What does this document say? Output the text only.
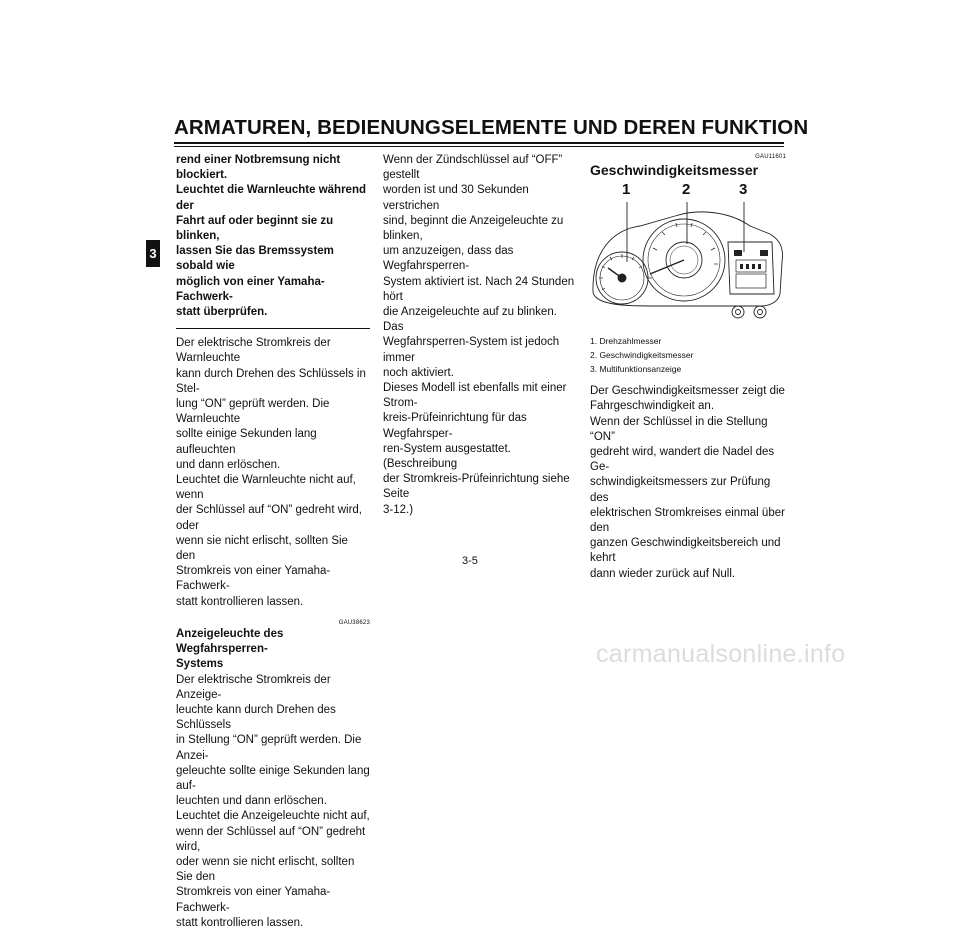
ARMATUREN, BEDIENUNGSELEMENTE UND DEREN FUNKTION
3

rend einer Notbremsung nicht blockiert.

Leuchtet die Warnleuchte während der

Fahrt auf oder beginnt sie zu blinken,

lassen Sie das Bremssystem sobald wie

möglich von einer Yamaha-Fachwerk-

statt überprüfen.

Der elektrische Stromkreis der Warnleuchte

kann durch Drehen des Schlüssels in Stel-

lung “ON” geprüft werden. Die Warnleuchte

sollte einige Sekunden lang aufleuchten

und dann erlöschen.

Leuchtet die Warnleuchte nicht auf, wenn

der Schlüssel auf “ON” gedreht wird, oder

wenn sie nicht erlischt, sollten Sie den

Stromkreis von einer Yamaha-Fachwerk-

statt kontrollieren lassen.

GAU38623

Anzeigeleuchte des Wegfahrsperren-

Systems

Der elektrische Stromkreis der Anzeige-

leuchte kann durch Drehen des Schlüssels

in Stellung “ON” geprüft werden. Die Anzei-

geleuchte sollte einige Sekunden lang auf-

leuchten und dann erlöschen.

Leuchtet die Anzeigeleuchte nicht auf,

wenn der Schlüssel auf “ON” gedreht wird,

oder wenn sie nicht erlischt, sollten Sie den

Stromkreis von einer Yamaha-Fachwerk-

statt kontrollieren lassen.

Wenn der Zündschlüssel auf “OFF” gestellt

worden ist und 30 Sekunden verstrichen

sind, beginnt die Anzeigeleuchte zu blinken,

um anzuzeigen, dass das Wegfahrsperren-

System aktiviert ist. Nach 24 Stunden hört

die Anzeigeleuchte auf zu blinken. Das

Wegfahrsperren-System ist jedoch immer

noch aktiviert.

Dieses Modell ist ebenfalls mit einer Strom-

kreis-Prüfeinrichtung für das Wegfahrsper-

ren-System ausgestattet. (Beschreibung

der Stromkreis-Prüfeinrichtung siehe Seite

3-12.)

GAU11601
Geschwindigkeitsmesser
1	2	3
1. Drehzahlmesser
2. Geschwindigkeitsmesser
3. Multifunktionsanzeige

Der Geschwindigkeitsmesser zeigt die

Fahrgeschwindigkeit an.

Wenn der Schlüssel in die Stellung “ON”

gedreht wird, wandert die Nadel des Ge-

schwindigkeitsmessers zur Prüfung des

elektrischen Stromkreises einmal über den

ganzen Geschwindigkeitsbereich und kehrt

dann wieder zurück auf Null.

3-5
carmanualsonline.info
